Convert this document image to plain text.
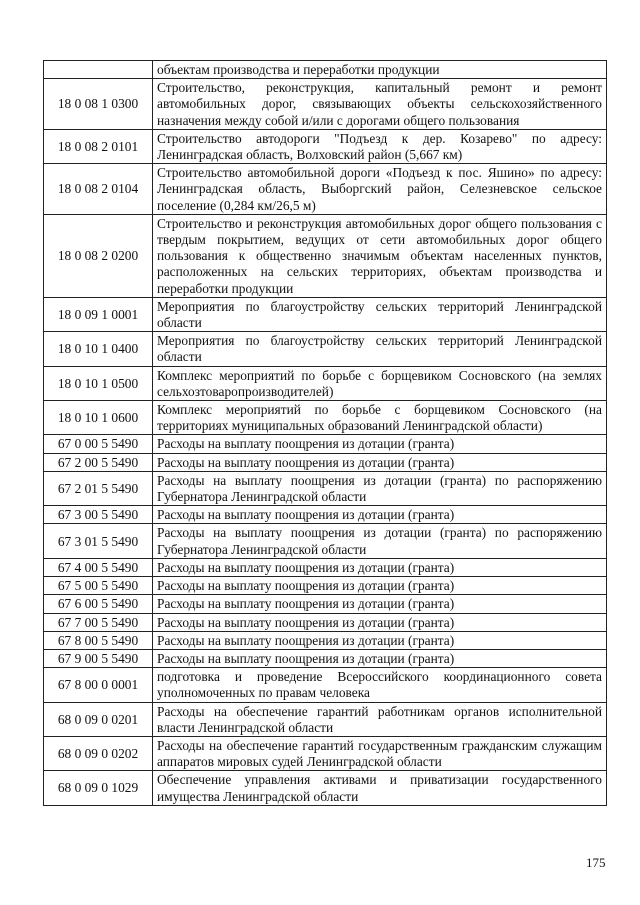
	объектам производства и переработки продукции
18 0 08 1 0300	Строительство, реконструкция, капитальный ремонт и ремонт автомобильных дорог, связывающих объекты сельскохозяйственного назначения между собой и/или с дорогами общего пользования
18 0 08 2 0101	Строительство автодороги "Подъезд к дер. Козарево" по адресу: Ленинградская область, Волховский район (5,667 км)
18 0 08 2 0104	Строительство автомобильной дороги «Подъезд к пос. Яшино» по адресу: Ленинградская область, Выборгский район, Селезневское сельское поселение (0,284 км/26,5 м)
18 0 08 2 0200	Строительство и реконструкция автомобильных дорог общего пользования с твердым покрытием, ведущих от сети автомобильных дорог общего пользования к общественно значимым объектам населенных пунктов, расположенных на сельских территориях, объектам производства и переработки продукции
18 0 09 1 0001	Мероприятия по благоустройству сельских территорий Ленинградской области
18 0 10 1 0400	Мероприятия по благоустройству сельских территорий Ленинградской области
18 0 10 1 0500	Комплекс мероприятий по борьбе с борщевиком Сосновского (на землях сельхозтоваропроизводителей)
18 0 10 1 0600	Комплекс мероприятий по борьбе с борщевиком Сосновского (на территориях муниципальных образований Ленинградской области)
67 0 00 5 5490	Расходы на выплату поощрения из дотации (гранта)
67 2 00 5 5490	Расходы на выплату поощрения из дотации (гранта)
67 2 01 5 5490	Расходы на выплату поощрения из дотации (гранта) по распоряжению Губернатора Ленинградской области
67 3 00 5 5490	Расходы на выплату поощрения из дотации (гранта)
67 3 01 5 5490	Расходы на выплату поощрения из дотации (гранта) по распоряжению Губернатора Ленинградской области
67 4 00 5 5490	Расходы на выплату поощрения из дотации (гранта)
67 5 00 5 5490	Расходы на выплату поощрения из дотации (гранта)
67 6 00 5 5490	Расходы на выплату поощрения из дотации (гранта)
67 7 00 5 5490	Расходы на выплату поощрения из дотации (гранта)
67 8 00 5 5490	Расходы на выплату поощрения из дотации (гранта)
67 9 00 5 5490	Расходы на выплату поощрения из дотации (гранта)
67 8 00 0 0001	подготовка и проведение Всероссийского координационного совета уполномоченных по правам человека
68 0 09 0 0201	Расходы на обеспечение гарантий работникам органов исполнительной власти Ленинградской области
68 0 09 0 0202	Расходы на обеспечение гарантий государственным гражданским служащим аппаратов мировых судей Ленинградской области
68 0 09 0 1029	Обеспечение управления активами и приватизации государственного имущества Ленинградской области
175
